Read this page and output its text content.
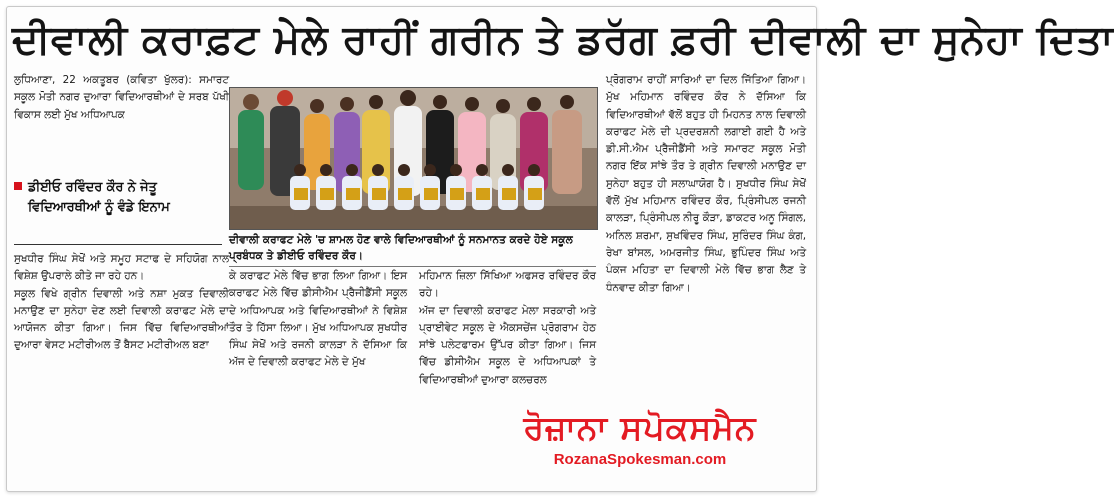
ਦੀਵਾਲੀ ਕਰਾਫ਼ਟ ਮੇਲੇ ਰਾਹੀਂ ਗਰੀਨ ਤੇ ਡਰੱਗ ਫ਼ਰੀ ਦੀਵਾਲੀ ਦਾ ਸੁਨੇਹਾ ਦਿਤਾ

ਲੁਧਿਆਣਾ, 22 ਅਕਤੂਬਰ (ਕਵਿਤਾ ਖੁੱਲਰ): ਸਮਾਰਟ ਸਕੂਲ ਮੋਤੀ ਨਗਰ ਦੁਆਰਾ ਵਿਦਿਆਰਥੀਆਂ ਦੇ ਸਰਬ ਪੱਖੀ ਵਿਕਾਸ ਲਈ ਮੁੱਖ ਅਧਿਆਪਕ

ਡੀਈਓ ਰਵਿੰਦਰ ਕੌਰ ਨੇ ਜੇਤੂ ਵਿਦਿਆਰਥੀਆਂ ਨੂੰ ਵੰਡੇ ਇਨਾਮ

ਸੁਖਧੀਰ ਸਿੰਘ ਸੇਖੋਂ ਅਤੇ ਸਮੂਹ ਸਟਾਫ ਦੇ ਸਹਿਯੋਗ ਨਾਲ ਵਿਸ਼ੇਸ਼ ਉਪਰਾਲੇ ਕੀਤੇ ਜਾ ਰਹੇ ਹਨ।

ਸਕੂਲ ਵਿਖੇ ਗ੍ਰੀਨ ਦਿਵਾਲੀ ਅਤੇ ਨਸ਼ਾ ਮੁਕਤ ਦਿਵਾਲੀ ਮਨਾਉਣ ਦਾ ਸੁਨੇਹਾ ਦੇਣ ਲਈ ਦਿਵਾਲੀ ਕਰਾਫਟ ਮੇਲੇ ਦਾ ਆਯੋਜਨ ਕੀਤਾ ਗਿਆ। ਜਿਸ ਵਿੱਚ ਵਿਦਿਆਰਥੀਆਂ ਦੁਆਰਾ ਵੇਸਟ ਮਟੀਰੀਅਲ ਤੋਂ ਬੈਸਟ ਮਟੀਰੀਅਲ ਬਣਾ

ਦੀਵਾਲੀ ਕਰਾਫਟ ਮੇਲੇ 'ਚ ਸ਼ਾਮਲ ਹੋਣ ਵਾਲੇ ਵਿਦਿਆਰਥੀਆਂ ਨੂੰ ਸਨਮਾਨਤ ਕਰਦੇ ਹੋਏ ਸਕੂਲ ਪ੍ਰਬੰਧਕ ਤੇ ਡੀਈਓ ਰਵਿੰਦਰ ਕੌਰ।

ਕੇ ਕਰਾਫਟ ਮੇਲੇ ਵਿੱਚ ਭਾਗ ਲਿਆ ਗਿਆ। ਇਸ ਕਰਾਫਟ ਮੇਲੇ ਵਿੱਚ ਡੀਸੀਐਮ ਪ੍ਰੈਜੀਡੈਂਸੀ ਸਕੂਲ ਦੇ ਅਧਿਆਪਕ ਅਤੇ ਵਿਦਿਆਰਥੀਆਂ ਨੇ ਵਿਸ਼ੇਸ਼ ਤੌਰ ਤੇ ਹਿੱਸਾ ਲਿਆ। ਮੁੱਖ ਅਧਿਆਪਕ ਸੁਖਧੀਰ ਸਿੰਘ ਸੇਖੋਂ ਅਤੇ ਰਜਨੀ ਕਾਲੜਾ ਨੇ ਦੱਸਿਆ ਕਿ ਅੱਜ ਦੇ ਦਿਵਾਲੀ ਕਰਾਫਟ ਮੇਲੇ ਦੇ ਮੁੱਖ

ਮਹਿਮਾਨ ਜ਼ਿਲਾ ਸਿੱਖਿਆ ਅਫਸਰ ਰਵਿੰਦਰ ਕੌਰ ਰਹੇ।

ਅੱਜ ਦਾ ਦਿਵਾਲੀ ਕਰਾਫਟ ਮੇਲਾ ਸਰਕਾਰੀ ਅਤੇ ਪ੍ਰਾਈਵੇਟ ਸਕੂਲ ਦੇ ਐਕਸਚੇਂਜ ਪ੍ਰੋਗਰਾਮ ਹੇਠ ਸਾਂਝੇ ਪਲੇਟਫਾਰਮ ਉੱਪਰ ਕੀਤਾ ਗਿਆ। ਜਿਸ ਵਿੱਚ ਡੀਸੀਐਮ ਸਕੂਲ ਦੇ ਅਧਿਆਪਕਾਂ ਤੇ ਵਿਦਿਆਰਥੀਆਂ ਦੁਆਰਾ ਕਲਚਰਲ

ਪ੍ਰੋਗਰਾਮ ਰਾਹੀਂ ਸਾਰਿਆਂ ਦਾ ਦਿਲ ਜਿੱਤਿਆ ਗਿਆ। ਮੁੱਖ ਮਹਿਮਾਨ ਰਵਿੰਦਰ ਕੌਰ ਨੇ ਦੱਸਿਆ ਕਿ ਵਿਦਿਆਰਥੀਆਂ ਵੱਲੋਂ ਬਹੁਤ ਹੀ ਮਿਹਨਤ ਨਾਲ ਦਿਵਾਲੀ ਕਰਾਫਟ ਮੇਲੇ ਦੀ ਪ੍ਰਦਰਸ਼ਨੀ ਲਗਾਈ ਗਈ ਹੈ ਅਤੇ ਡੀ.ਸੀ.ਐਮ ਪ੍ਰੈਜੀਡੈਂਸੀ ਅਤੇ ਸਮਾਰਟ ਸਕੂਲ ਮੋਤੀ ਨਗਰ ਇੱਕ ਸਾਂਝੇ ਤੌਰ ਤੇ ਗ੍ਰੀਨ ਦਿਵਾਲੀ ਮਨਾਉਣ ਦਾ ਸੁਨੇਹਾ ਬਹੁਤ ਹੀ ਸਲਾਘਾਯੋਗ ਹੈ। ਸੁਖਧੀਰ ਸਿੰਘ ਸੇਖੋਂ ਵੱਲੋਂ ਮੁੱਖ ਮਹਿਮਾਨ ਰਵਿੰਦਰ ਕੌਰ, ਪ੍ਰਿੰਸੀਪਲ ਰਜਨੀ ਕਾਲੜਾ, ਪ੍ਰਿੰਸੀਪਲ ਨੀਰੂ ਕੌੜਾ, ਡਾਕਟਰ ਅਨੂ ਸਿੰਗਲ, ਅਨਿਲ ਸ਼ਰਮਾ, ਸੁਖਵਿੰਦਰ ਸਿੰਘ, ਸੁਰਿੰਦਰ ਸਿੰਘ ਕੰਗ, ਰੇਖਾ ਬਾਂਸਲ, ਅਮਰਜੀਤ ਸਿੰਘ, ਭੁਪਿੰਦਰ ਸਿੰਘ ਅਤੇ ਪੰਕਜ ਮਹਿਤਾ ਦਾ ਦਿਵਾਲੀ ਮੇਲੇ ਵਿੱਚ ਭਾਗ ਲੈਣ ਤੇ ਧੰਨਵਾਦ ਕੀਤਾ ਗਿਆ।

ਰੋਜ਼ਾਨਾ ਸਪੋਕਸਮੈਨ
RozanaSpokesman.com
